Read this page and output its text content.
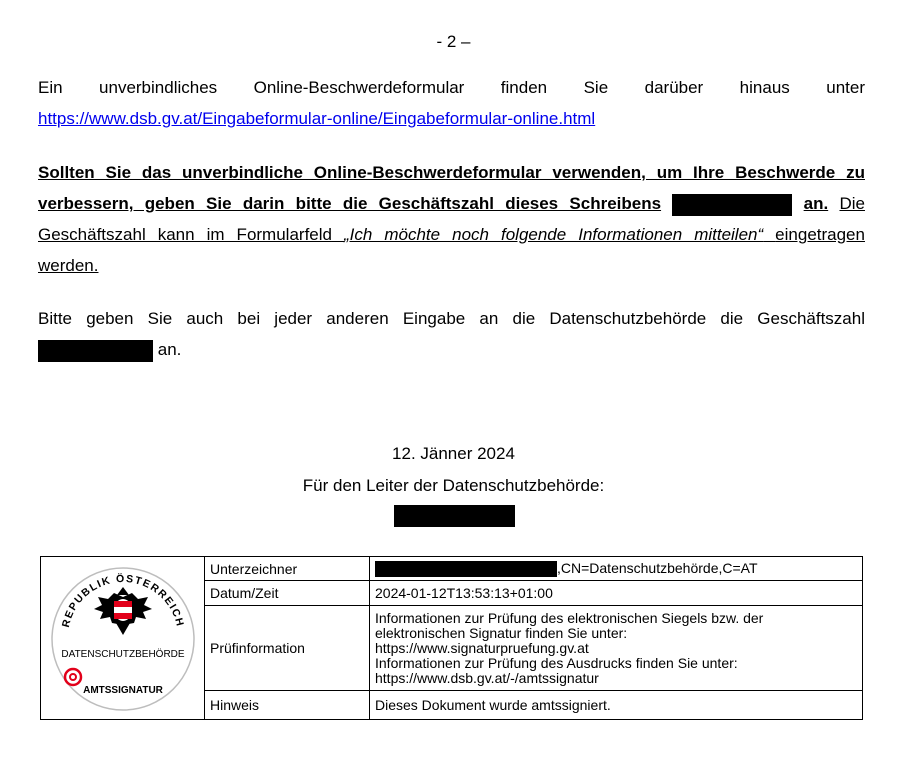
- 2 –
Ein unverbindliches Online-Beschwerdeformular finden Sie darüber hinaus unter
https://www.dsb.gv.at/Eingabeformular-online/Eingabeformular-online.html
Sollten Sie das unverbindliche Online-Beschwerdeformular verwenden, um Ihre Beschwerde zu
verbessern, geben Sie darin bitte die Geschäftszahl dieses Schreibens	an. Die
Geschäftszahl kann im Formularfeld „Ich möchte noch folgende Informationen mitteilen“ eingetragen
werden.
Bitte geben Sie auch bei jeder anderen Eingabe an die Datenschutzbehörde die Geschäftszahl
an.
12. Jänner 2024
Für den Leiter der Datenschutzbehörde:
REPUBLIK ÖSTERREICH
DATENSCHUTZBEHÖRDE
AMTSSIGNATUR	Unterzeichner	,CN=Datenschutzbehörde,C=AT
	Datum/Zeit	2024-01-12T13:53:13+01:00
	Prüfinformation	Informationen zur Prüfung des elektronischen Siegels bzw. der
elektronischen Signatur finden Sie unter:
https://www.signaturpruefung.gv.at
Informationen zur Prüfung des Ausdrucks finden Sie unter:
https://www.dsb.gv.at/-/amtssignatur

	Hinweis	Dieses Dokument wurde amtssigniert.
